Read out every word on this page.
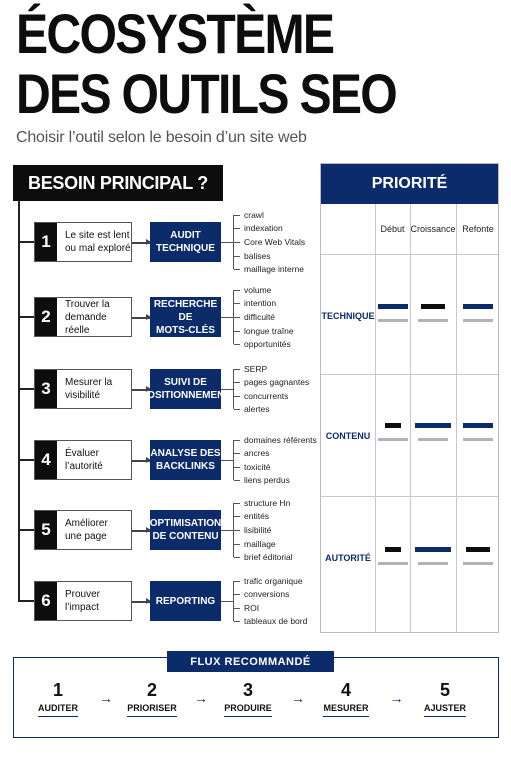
ÉCOSYSTÈME
DES OUTILS SEO
Choisir l’outil selon le besoin d’un site web
BESOIN PRINCIPAL ?
1	Le site est lent
ou mal exploré
AUDIT
TECHNIQUE
crawl
indexation
Core Web Vitals
balises
maillage interne
2
Trouver la
demande réelle
RECHERCHE DE
MOTS-CLÉS
volume
intention
difficulté
longue traîne
opportunités
3	Mesurer la
visibilité
SUIVI DE
POSITIONNEMENT
SERP
pages gagnantes
concurrents
alertes
4	Évaluer
l’autorité
ANALYSE DES
BACKLINKS
domaines référents
ancres
toxicité
liens perdus
5	Améliorer
une page
OPTIMISATION
DE CONTENU
structure Hn
entités
lisibilité
maillage
brief éditorial
6	Prouver
l’impact
REPORTING
trafic organique
conversions
ROI
tableaux de bord
PRIORITÉ
Début Croissance Refonte
TECHNIQUE
CONTENU
AUTORITÉ
FLUX RECOMMANDÉ
1
AUDITER
→	2
PRIORISER
→	3
PRODUIRE
→	4
MESURER
→	5
AJUSTER
